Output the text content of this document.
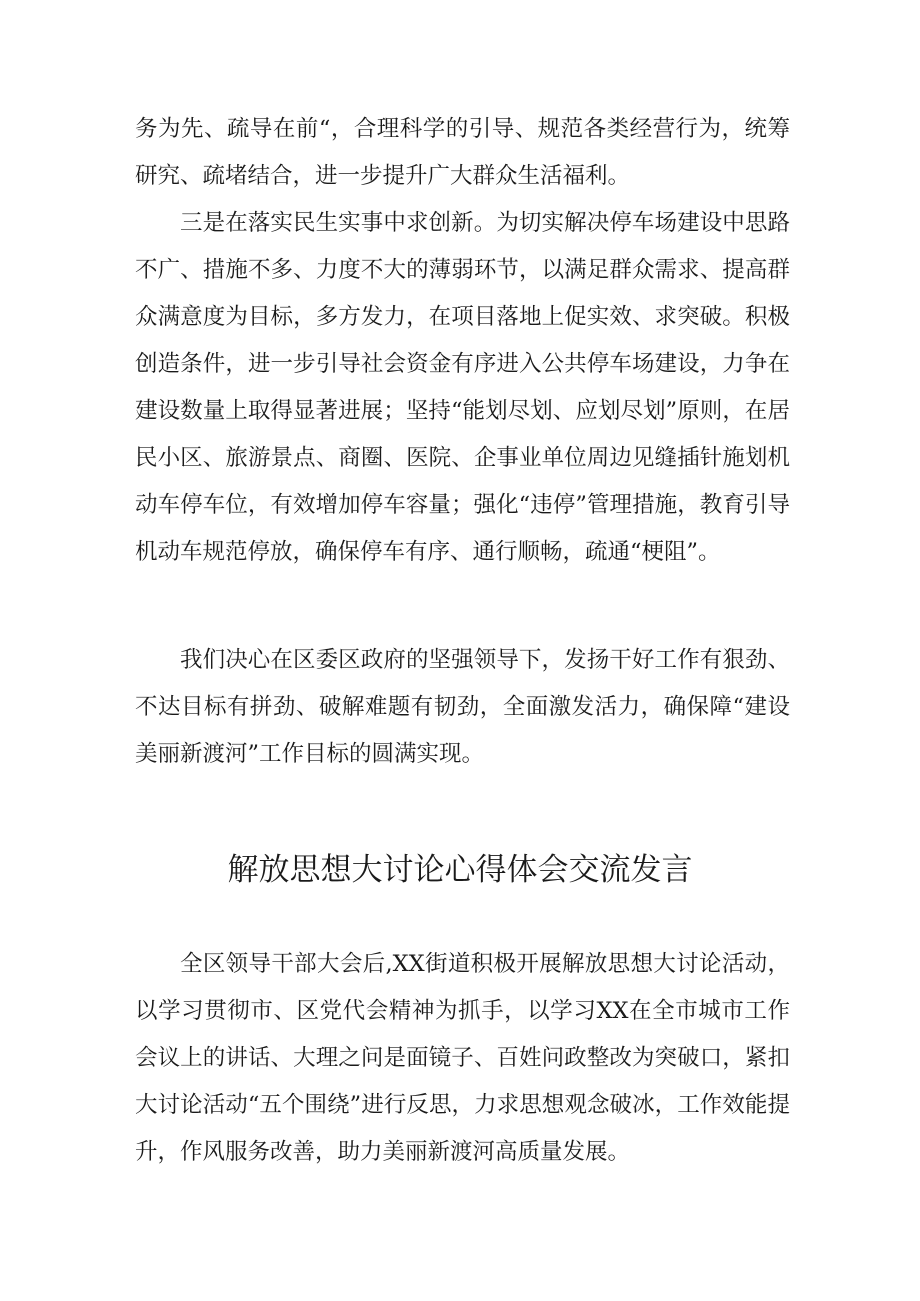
务为先、疏导在前“，合理科学的引导、规范各类经营行为，统筹研究、疏堵结合，进一步提升广大群众生活福利。

三是在落实民生实事中求创新。为切实解决停车场建设中思路不广、措施不多、力度不大的薄弱环节，以满足群众需求、提高群众满意度为目标，多方发力，在项目落地上促实效、求突破。积极创造条件，进一步引导社会资金有序进入公共停车场建设，力争在建设数量上取得显著进展；坚持“能划尽划、应划尽划”原则，在居民小区、旅游景点、商圈、医院、企事业单位周边见缝插针施划机动车停车位，有效增加停车容量；强化“违停”管理措施，教育引导机动车规范停放，确保停车有序、通行顺畅，疏通“梗阻”。

我们决心在区委区政府的坚强领导下，发扬干好工作有狠劲、不达目标有拼劲、破解难题有韧劲，全面激发活力，确保障“建设美丽新渡河”工作目标的圆满实现。

解放思想大讨论心得体会交流发言

全区领导干部大会后,XX街道积极开展解放思想大讨论活动，以学习贯彻市、区党代会精神为抓手，以学习XX在全市城市工作会议上的讲话、大理之问是面镜子、百姓问政整改为突破口，紧扣大讨论活动“五个围绕”进行反思，力求思想观念破冰，工作效能提升，作风服务改善，助力美丽新渡河高质量发展。
